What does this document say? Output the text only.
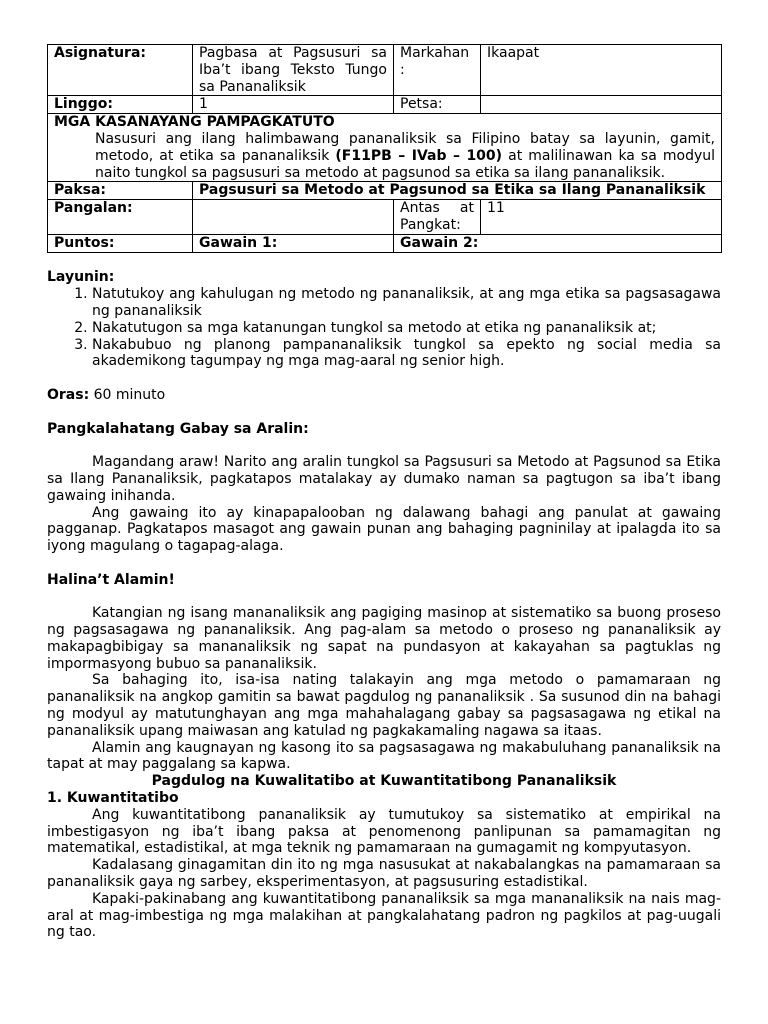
Asignatura:	Pagbasa at Pagsusuri sa Iba’t ibang Teksto Tungo sa Pananaliksik	Markahan :	Ikaapat
Linggo:	1	Petsa:	

MGA KASANAYANG PAMPAGKATUTO
Nasusuri ang ilang halimbawang pananaliksik sa Filipino batay sa layunin, gamit, metodo, at etika sa pananaliksik (F11PB – IVab – 100) at malilinawan ka sa modyul naito tungkol sa pagsusuri sa metodo at pagsunod sa etika sa ilang pananaliksik.			

Paksa:	Pagsusuri sa Metodo at Pagsunod sa Etika sa Ilang Pananaliksik		
Pangalan:		Antas at Pangkat:	11
Puntos:	Gawain 1:	Gawain 2:	
Layunin:
1. Natutukoy ang kahulugan ng metodo ng pananaliksik, at ang mga etika sa pagsasagawa ng pananaliksik
2. Nakatutugon sa mga katanungan tungkol sa metodo at etika ng pananaliksik at;
3. Nakabubuo ng planong pampananaliksik tungkol sa epekto ng social media sa akademikong tagumpay ng mga mag-aaral ng senior high.
Oras: 60 minuto
Pangkalahatang Gabay sa Aralin:

Magandang araw! Narito ang aralin tungkol sa Pagsusuri sa Metodo at Pagsunod sa Etika sa Ilang Pananaliksik, pagkatapos matalakay ay dumako naman sa pagtugon sa iba’t ibang gawaing inihanda.

Ang gawaing ito ay kinapapalooban ng dalawang bahagi ang panulat at gawaing pagganap. Pagkatapos masagot ang gawain punan ang bahaging pagninilay at ipalagda ito sa iyong magulang o tagapag-alaga.

Halina’t Alamin!

Katangian ng isang mananaliksik ang pagiging masinop at sistematiko sa buong proseso ng pagsasagawa ng pananaliksik. Ang pag-alam sa metodo o proseso ng pananaliksik ay makapagbibigay sa mananaliksik ng sapat na pundasyon at kakayahan sa pagtuklas ng impormasyong bubuo sa pananaliksik.

Sa bahaging ito, isa-isa nating talakayin ang mga metodo o pamamaraan ng pananaliksik na angkop gamitin sa bawat pagdulog ng pananaliksik . Sa susunod din na bahagi ng modyul ay matutunghayan ang mga mahahalagang gabay sa pagsasagawa ng etikal na pananaliksik upang maiwasan ang katulad ng pagkakamaling nagawa sa itaas.

Alamin ang kaugnayan ng kasong ito sa pagsasagawa ng makabuluhang pananaliksik na tapat at may paggalang sa kapwa.

Pagdulog na Kuwalitatibo at Kuwantitatibong Pananaliksik
1. Kuwantitatibo

Ang kuwantitatibong pananaliksik ay tumutukoy sa sistematiko at empirikal na imbestigasyon ng iba’t ibang paksa at penomenong panlipunan sa pamamagitan ng matematikal, estadistikal, at mga teknik ng pamamaraan na gumagamit ng kompyutasyon.

Kadalasang ginagamitan din ito ng mga nasusukat at nakabalangkas na pamamaraan sa pananaliksik gaya ng sarbey, eksperimentasyon, at pagsusuring estadistikal.

Kapaki-pakinabang ang kuwantitatibong pananaliksik sa mga mananaliksik na nais mag-aral at mag-imbestiga ng mga malakihan at pangkalahatang padron ng pagkilos at pag-uugali ng tao.
